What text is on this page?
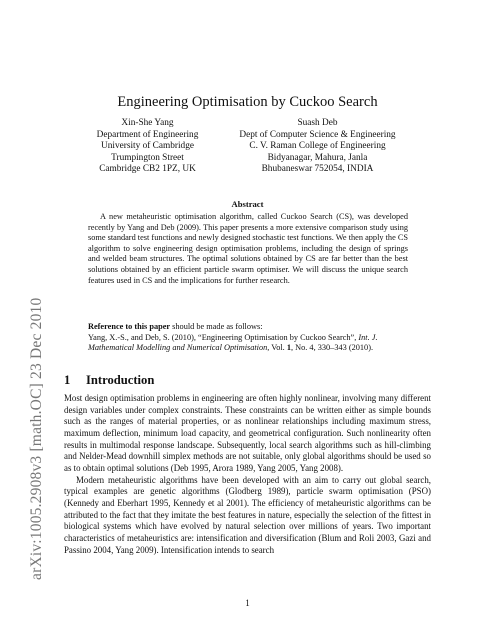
arXiv:1005.2908v3 [math.OC] 23 Dec 2010
Engineering Optimisation by Cuckoo Search
Xin-She Yang
Department of Engineering
University of Cambridge
Trumpington Street
Cambridge CB2 1PZ, UK
Suash Deb
Dept of Computer Science & Engineering
C. V. Raman College of Engineering
Bidyanagar, Mahura, Janla
Bhubaneswar 752054, INDIA
Abstract
A new metaheuristic optimisation algorithm, called Cuckoo Search (CS), was developed recently by Yang and Deb (2009). This paper presents a more extensive comparison study using some standard test functions and newly designed stochastic test functions. We then apply the CS algorithm to solve engineering design optimisation problems, including the design of springs and welded beam structures. The optimal solutions obtained by CS are far better than the best solutions obtained by an efficient particle swarm optimiser. We will discuss the unique search features used in CS and the implications for further research.
Reference to this paper should be made as follows:
Yang, X.-S., and Deb, S. (2010), “Engineering Optimisation by Cuckoo Search”, Int. J. Mathematical Modelling and Numerical Optimisation, Vol. 1, No. 4, 330–343 (2010).
1 Introduction

Most design optimisation problems in engineering are often highly nonlinear, involving many different design variables under complex constraints. These constraints can be written either as simple bounds such as the ranges of material properties, or as nonlinear relationships including maximum stress, maximum deflection, minimum load capacity, and geometrical configuration. Such nonlinearity often results in multimodal response landscape. Subsequently, local search algorithms such as hill-climbing and Nelder-Mead downhill simplex methods are not suitable, only global algorithms should be used so as to obtain optimal solutions (Deb 1995, Arora 1989, Yang 2005, Yang 2008).

Modern metaheuristic algorithms have been developed with an aim to carry out global search, typical examples are genetic algorithms (Glodberg 1989), particle swarm optimisation (PSO) (Kennedy and Eberhart 1995, Kennedy et al 2001). The efficiency of metaheuristic algorithms can be attributed to the fact that they imitate the best features in nature, especially the selection of the fittest in biological systems which have evolved by natural selection over millions of years. Two important characteristics of metaheuristics are: intensification and diversification (Blum and Roli 2003, Gazi and Passino 2004, Yang 2009). Intensification intends to search

1
